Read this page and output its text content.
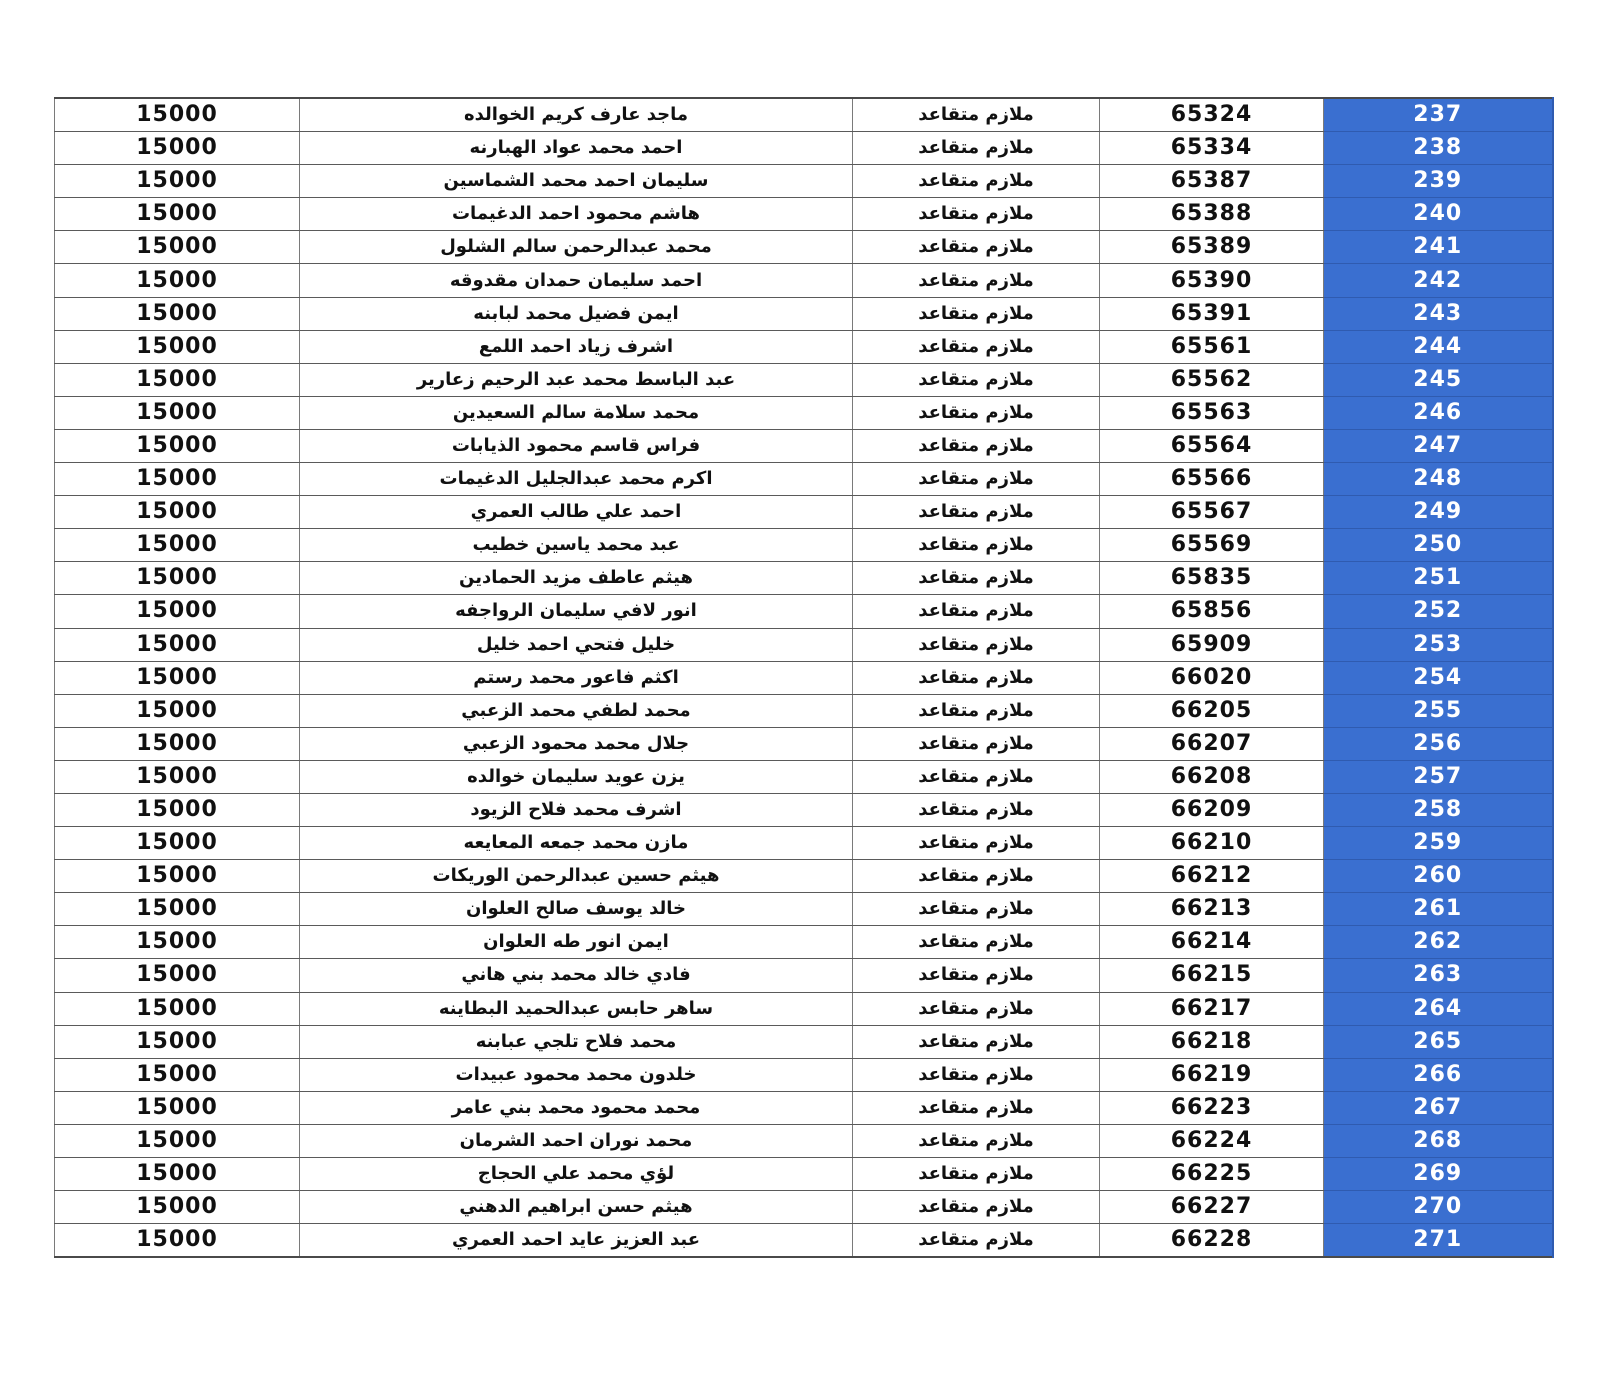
15000	ماجد عارف كريم الخوالده	ملازم متقاعد	65324	237
15000	احمد محمد عواد الهبارنه	ملازم متقاعد	65334	238
15000	سليمان احمد محمد الشماسين	ملازم متقاعد	65387	239
15000	هاشم محمود احمد الدغيمات	ملازم متقاعد	65388	240
15000	محمد عبدالرحمن سالم الشلول	ملازم متقاعد	65389	241
15000	احمد سليمان حمدان مقدوقه	ملازم متقاعد	65390	242
15000	ايمن فضيل محمد لبابنه	ملازم متقاعد	65391	243
15000	اشرف زياد احمد اللمع	ملازم متقاعد	65561	244
15000	عبد الباسط محمد عبد الرحيم زعارير	ملازم متقاعد	65562	245
15000	محمد سلامة سالم السعيدين	ملازم متقاعد	65563	246
15000	فراس قاسم محمود الذيابات	ملازم متقاعد	65564	247
15000	اكرم محمد عبدالجليل الدغيمات	ملازم متقاعد	65566	248
15000	احمد علي طالب العمري	ملازم متقاعد	65567	249
15000	عبد محمد ياسين خطيب	ملازم متقاعد	65569	250
15000	هيثم عاطف مزيد الحمادين	ملازم متقاعد	65835	251
15000	انور لافي سليمان الرواجفه	ملازم متقاعد	65856	252
15000	خليل فتحي احمد خليل	ملازم متقاعد	65909	253
15000	اكثم فاعور محمد رستم	ملازم متقاعد	66020	254
15000	محمد لطفي محمد الزعبي	ملازم متقاعد	66205	255
15000	جلال محمد محمود الزعبي	ملازم متقاعد	66207	256
15000	يزن عويد سليمان خوالده	ملازم متقاعد	66208	257
15000	اشرف محمد فلاح الزيود	ملازم متقاعد	66209	258
15000	مازن محمد جمعه المعايعه	ملازم متقاعد	66210	259
15000	هيثم حسين عبدالرحمن الوريكات	ملازم متقاعد	66212	260
15000	خالد يوسف صالح العلوان	ملازم متقاعد	66213	261
15000	ايمن انور طه العلوان	ملازم متقاعد	66214	262
15000	فادي خالد محمد بني هاني	ملازم متقاعد	66215	263
15000	ساهر حابس عبدالحميد البطاينه	ملازم متقاعد	66217	264
15000	محمد فلاح تلجي عبابنه	ملازم متقاعد	66218	265
15000	خلدون محمد محمود عبيدات	ملازم متقاعد	66219	266
15000	محمد محمود محمد بني عامر	ملازم متقاعد	66223	267
15000	محمد نوران احمد الشرمان	ملازم متقاعد	66224	268
15000	لؤي محمد علي الحجاج	ملازم متقاعد	66225	269
15000	هيثم حسن ابراهيم الدهني	ملازم متقاعد	66227	270
15000	عبد العزيز عايد احمد العمري	ملازم متقاعد	66228	271
